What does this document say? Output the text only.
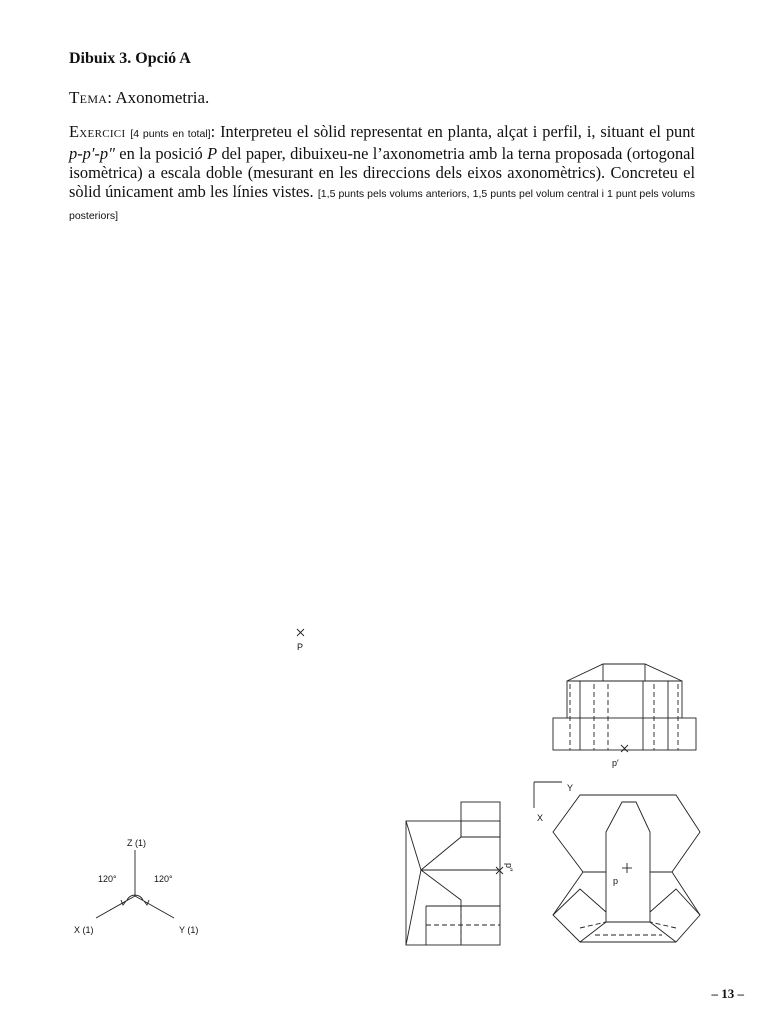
Dibuix 3. Opció A
Tema: Axonometria.
Exercici [4 punts en total]: Interpreteu el sòlid representat en planta, alçat i perfil, i, situant el punt p-p′-p″ en la posició P del paper, dibuixeu-ne l’axonometria amb la terna proposada (ortogonal isomètrica) a escala doble (mesurant en les direccions dels eixos axonomètrics). Concreteu el sòlid únicament amb les línies vistes. [1,5 punts pels volums anteriors, 1,5 punts pel volum central i 1 punt pels volums posteriors]
P
Z (1)
120°	120°
X (1)	Y (1)
p′
p″
Y
X
p
– 13 –
